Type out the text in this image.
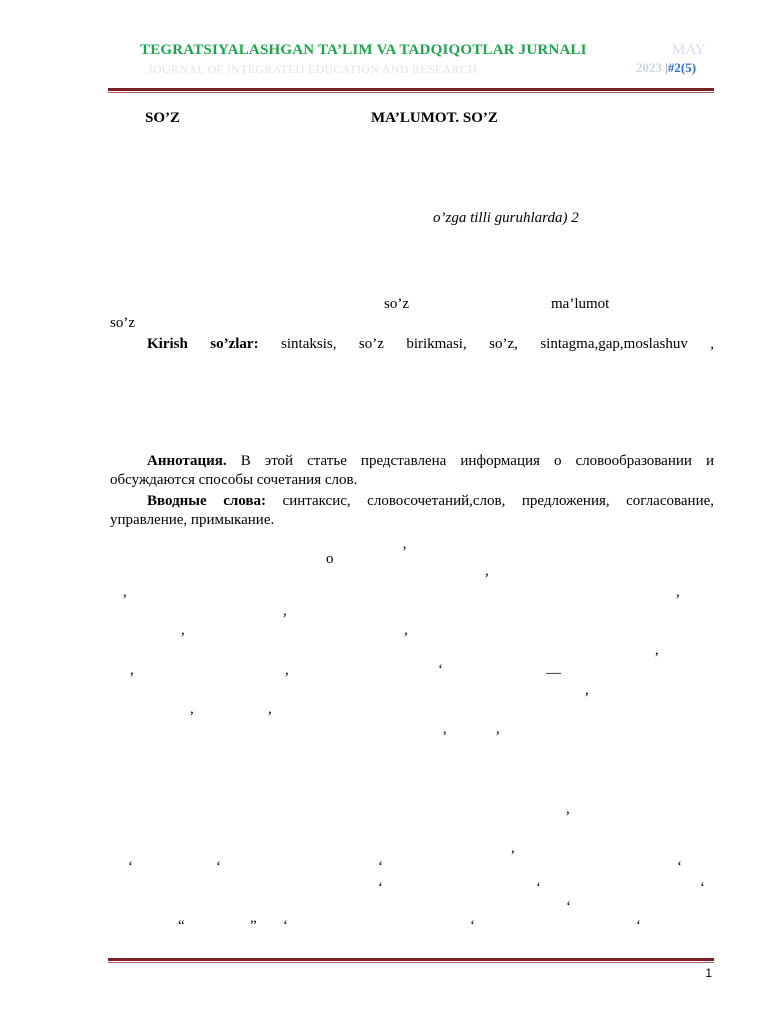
TEGRATSIYALASHGAN TA’LIM VA TADQIQOTLAR JURNALI
JOURNAL OF INTEGRATED EDUCATION AND RESEARCH
MAY
2023 |#2(5)
SO’Z	MA’LUMOT. SO’Z
o’zga tilli guruhlarda) 2
so’z	ma’lumot
so’z
Kirish so’zlar: sintaksis, so’z birikmasi, so’z, sintagma,gap,moslashuv ,
Аннотация. В этой статье представлена информация о словообразовании и обсуждаются способы сочетания слов.
Вводные слова: синтаксис, словосочетаний,слов, предложения, согласование, управление, примыкание.
o	’
,
,	,
,
,	,
,
,	,	‘	__
,
,	,
,	,
,
,
‘	‘	‘	‘
‘	‘	‘
‘
“	” ‘	‘	‘
1
